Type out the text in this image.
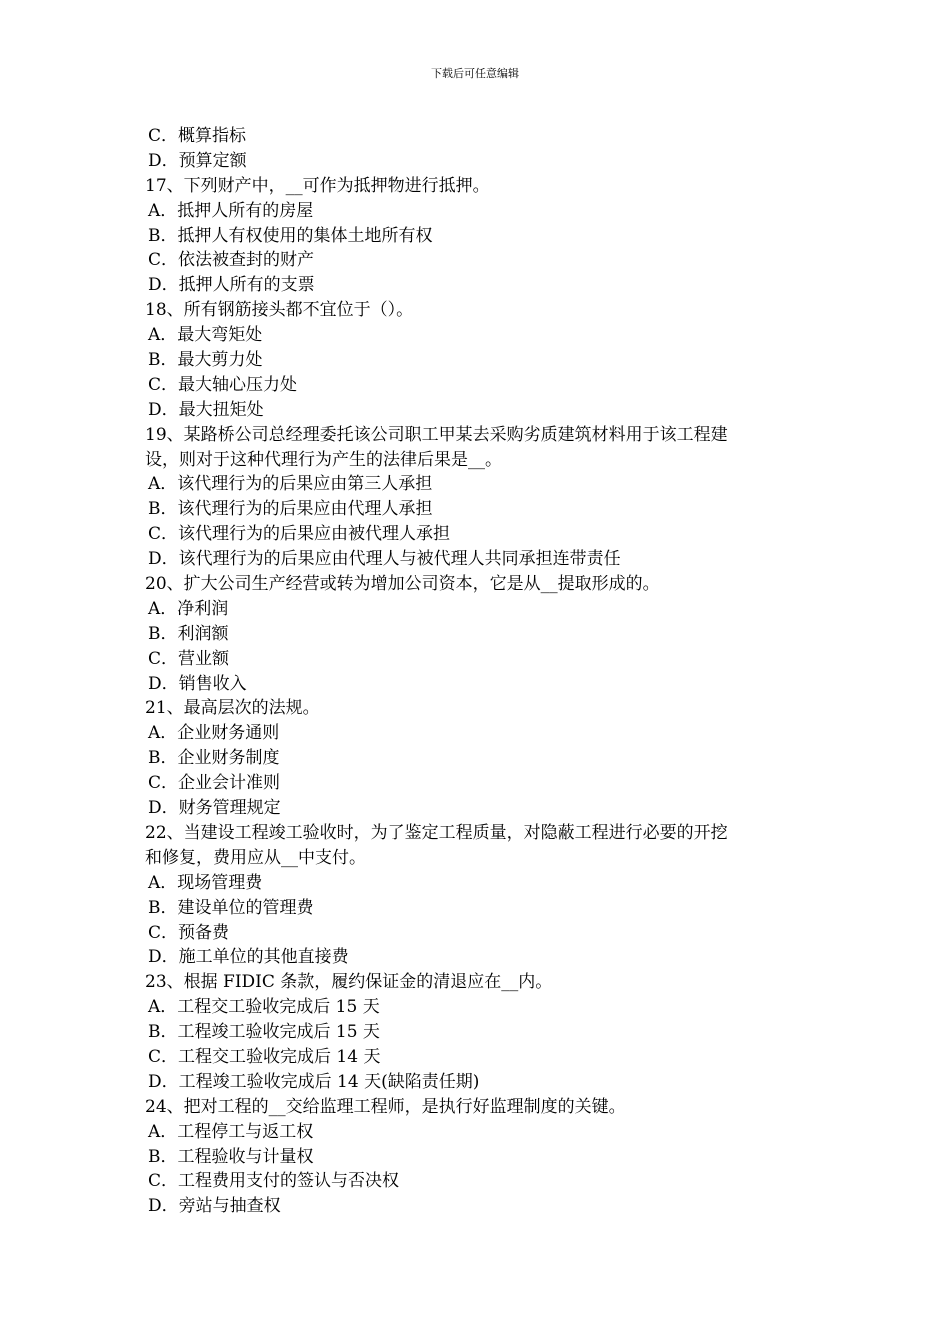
下载后可任意编辑
C．概算指标
D．预算定额
17、下列财产中，__可作为抵押物进行抵押。
A．抵押人所有的房屋
B．抵押人有权使用的集体土地所有权
C．依法被查封的财产
D．抵押人所有的支票
18、所有钢筋接头都不宜位于（）。
A．最大弯矩处
B．最大剪力处
C．最大轴心压力处
D．最大扭矩处
19、某路桥公司总经理委托该公司职工甲某去采购劣质建筑材料用于该工程建
设，则对于这种代理行为产生的法律后果是__。
A．该代理行为的后果应由第三人承担
B．该代理行为的后果应由代理人承担
C．该代理行为的后果应由被代理人承担
D．该代理行为的后果应由代理人与被代理人共同承担连带责任
20、扩大公司生产经营或转为增加公司资本，它是从__提取形成的。
A．净利润
B．利润额
C．营业额
D．销售收入
21、最高层次的法规。
A．企业财务通则
B．企业财务制度
C．企业会计准则
D．财务管理规定
22、当建设工程竣工验收时，为了鉴定工程质量，对隐蔽工程进行必要的开挖
和修复，费用应从__中支付。
A．现场管理费
B．建设单位的管理费
C．预备费
D．施工单位的其他直接费
23、根据 FIDIC 条款，履约保证金的清退应在__内。
A．工程交工验收完成后 15 天
B．工程竣工验收完成后 15 天
C．工程交工验收完成后 14 天
D．工程竣工验收完成后 14 天(缺陷责任期)
24、把对工程的__交给监理工程师，是执行好监理制度的关键。
A．工程停工与返工权
B．工程验收与计量权
C．工程费用支付的签认与否决权
D．旁站与抽查权
